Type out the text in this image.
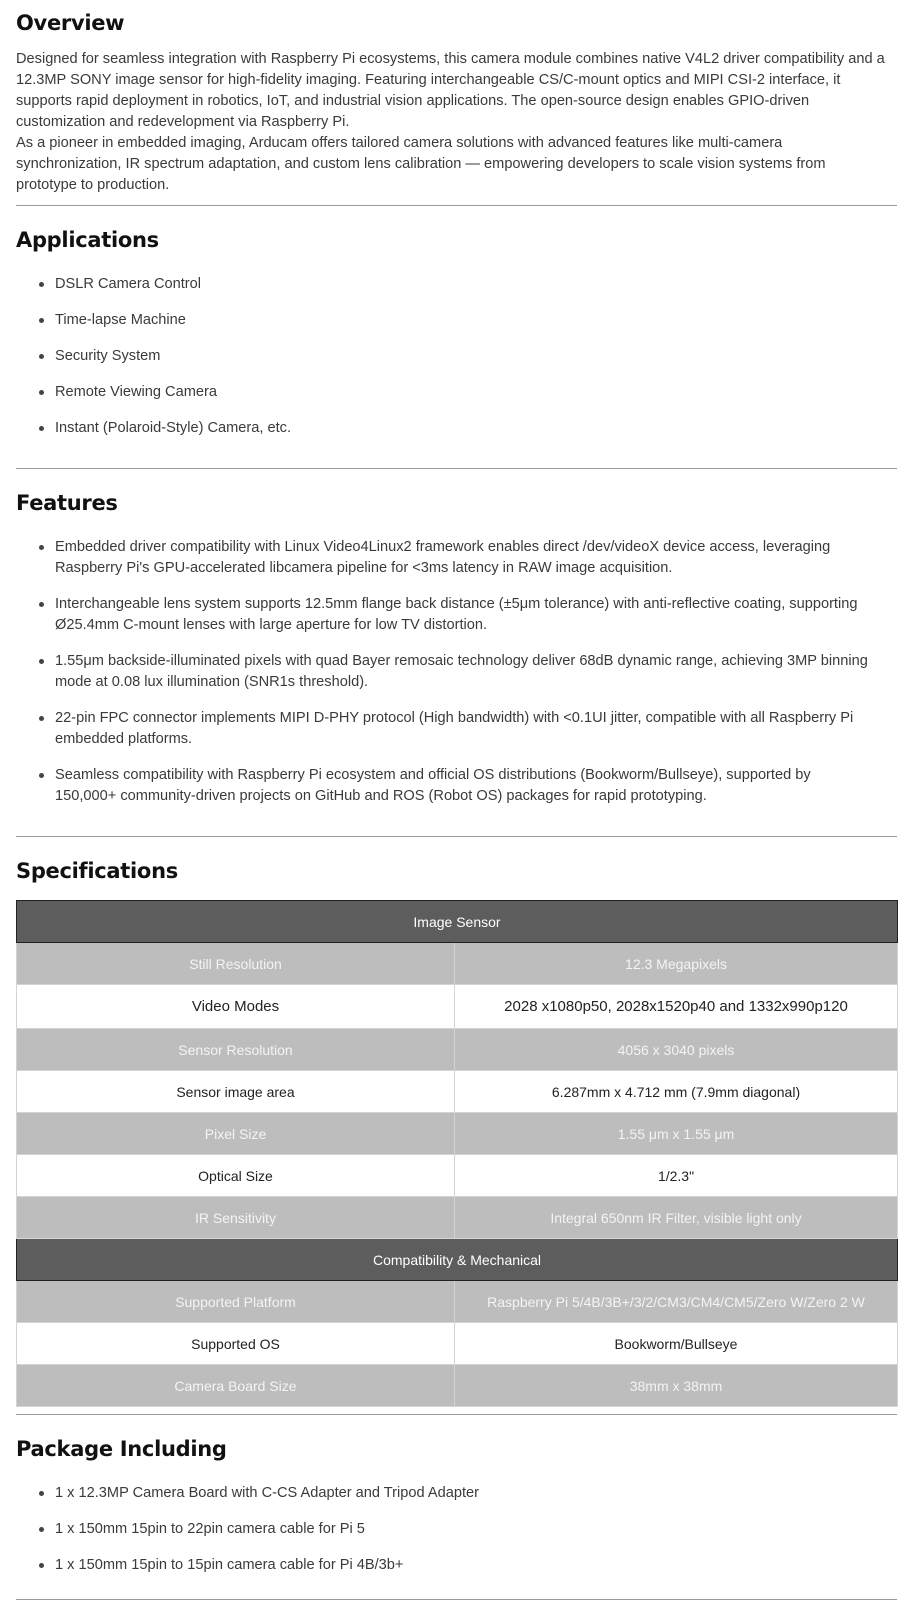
Overview

Designed for seamless integration with Raspberry Pi ecosystems, this camera module combines native V4L2 driver compatibility and a 12.3MP SONY image sensor for high-fidelity imaging. Featuring interchangeable CS/C-mount optics and MIPI CSI-2 interface, it supports rapid deployment in robotics, IoT, and industrial vision applications. The open-source design enables GPIO-driven customization and redevelopment via Raspberry Pi.

As a pioneer in embedded imaging, Arducam offers tailored camera solutions with advanced features like multi-camera synchronization, IR spectrum adaptation, and custom lens calibration — empowering developers to scale vision systems from prototype to production.

Applications
DSLR Camera Control
Time-lapse Machine
Security System
Remote Viewing Camera
Instant (Polaroid-Style) Camera, etc.
Features
Embedded driver compatibility with Linux Video4Linux2 framework enables direct /dev/videoX device access, leveraging Raspberry Pi's GPU-accelerated libcamera pipeline for <3ms latency in RAW image acquisition.
Interchangeable lens system supports 12.5mm flange back distance (±5μm tolerance) with anti-reflective coating, supporting Ø25.4mm C-mount lenses with large aperture for low TV distortion.
1.55μm backside-illuminated pixels with quad Bayer remosaic technology deliver 68dB dynamic range, achieving 3MP binning mode at 0.08 lux illumination (SNR1s threshold).
22-pin FPC connector implements MIPI D-PHY protocol (High bandwidth) with <0.1UI jitter, compatible with all Raspberry Pi embedded platforms.
Seamless compatibility with Raspberry Pi ecosystem and official OS distributions (Bookworm/Bullseye), supported by 150,000+ community-driven projects on GitHub and ROS (Robot OS) packages for rapid prototyping.
Specifications
Image Sensor	
Still Resolution	12.3 Megapixels
Video Modes	2028 x1080p50, 2028x1520p40 and 1332x990p120
Sensor Resolution	4056 x 3040 pixels
Sensor image area	6.287mm x 4.712 mm (7.9mm diagonal)
Pixel Size	1.55 μm x 1.55 μm
Optical Size	1/2.3"
IR Sensitivity	Integral 650nm IR Filter, visible light only
Compatibility & Mechanical	
Supported Platform	Raspberry Pi 5/4B/3B+/3/2/CM3/CM4/CM5/Zero W/Zero 2 W
Supported OS	Bookworm/Bullseye
Camera Board Size	38mm x 38mm
Package Including
1 x 12.3MP Camera Board with C-CS Adapter and Tripod Adapter
1 x 150mm 15pin to 22pin camera cable for Pi 5
1 x 150mm 15pin to 15pin camera cable for Pi 4B/3b+
